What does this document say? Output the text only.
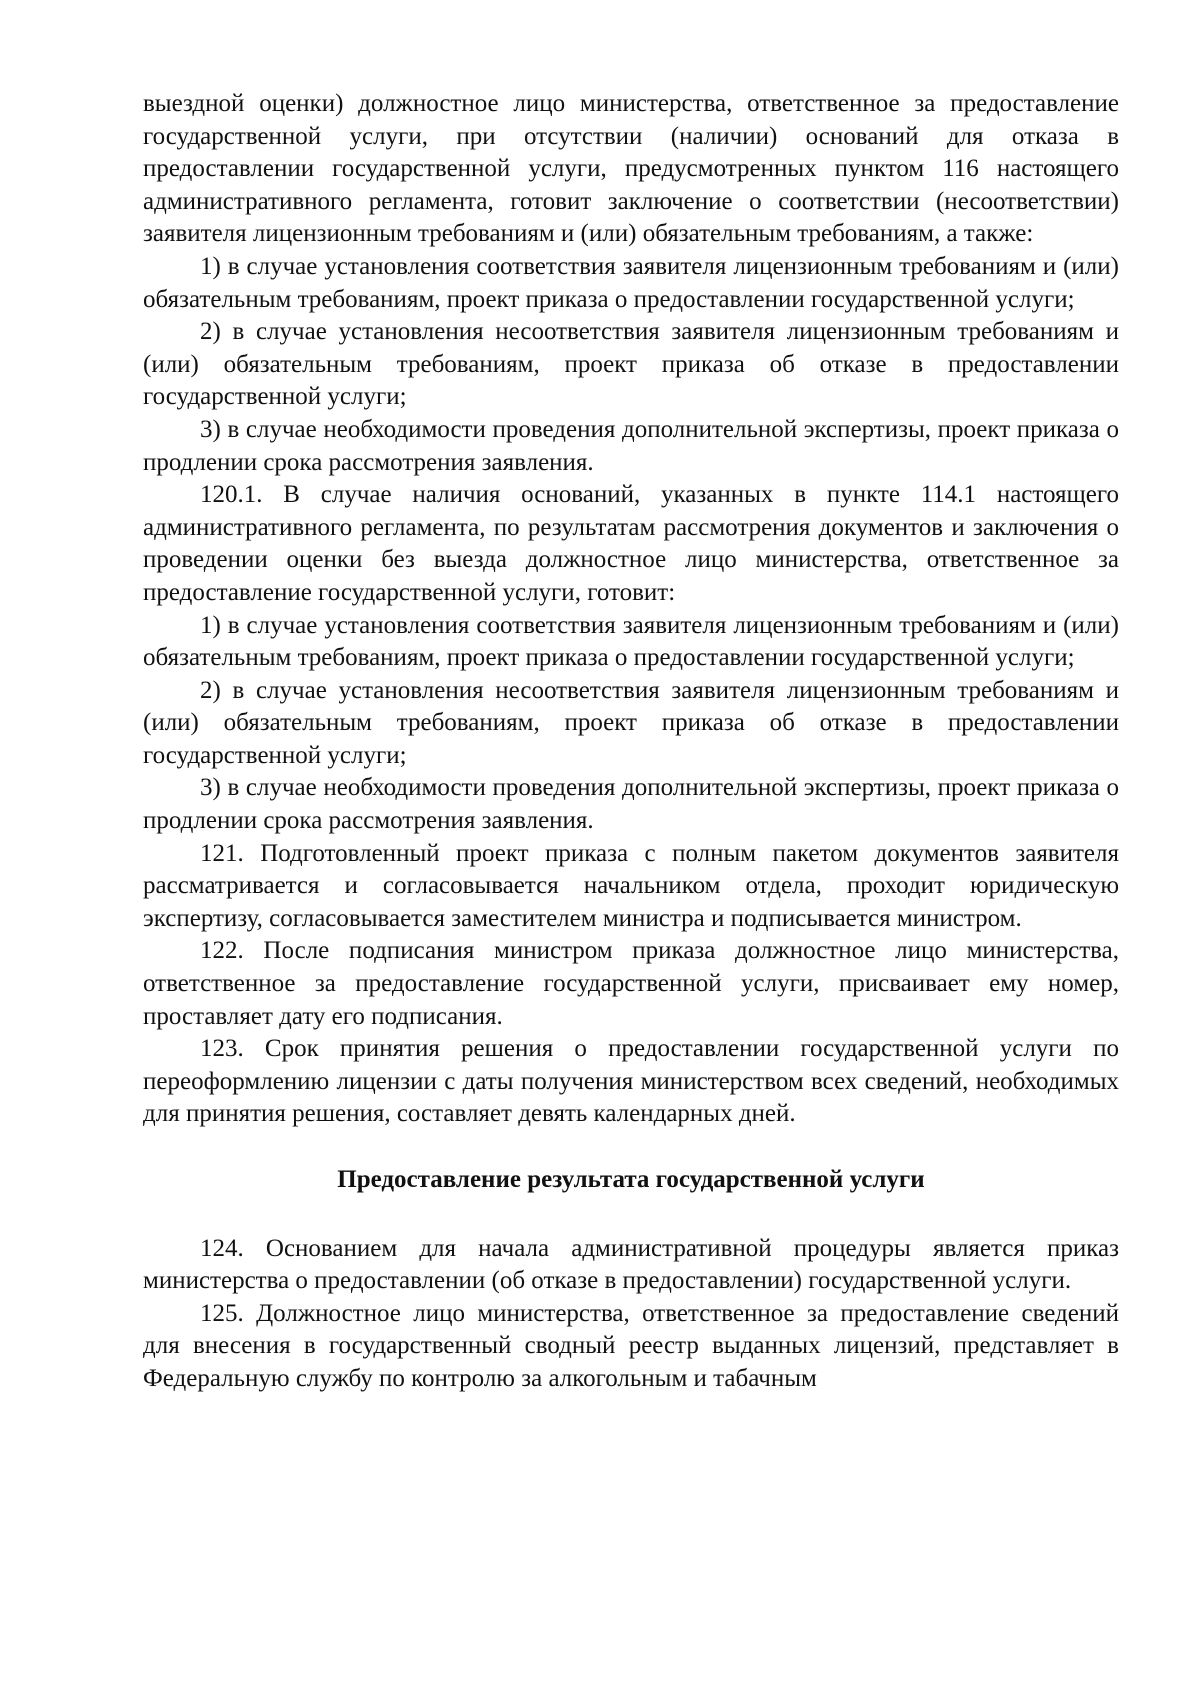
выездной оценки) должностное лицо министерства, ответственное за предоставление государственной услуги, при отсутствии (наличии) оснований для отказа в предоставлении государственной услуги, предусмотренных пунктом 116 настоящего административного регламента, готовит заключение о соответствии (несоответствии) заявителя лицензионным требованиям и (или) обязательным требованиям, а также:

1) в случае установления соответствия заявителя лицензионным требованиям и (или) обязательным требованиям, проект приказа о предоставлении государственной услуги;

2) в случае установления несоответствия заявителя лицензионным требованиям и (или) обязательным требованиям, проект приказа об отказе в предоставлении государственной услуги;

3) в случае необходимости проведения дополнительной экспертизы, проект приказа о продлении срока рассмотрения заявления.

120.1. В случае наличия оснований, указанных в пункте 114.1 настоящего административного регламента, по результатам рассмотрения документов и заключения о проведении оценки без выезда должностное лицо министерства, ответственное за предоставление государственной услуги, готовит:

1) в случае установления соответствия заявителя лицензионным требованиям и (или) обязательным требованиям, проект приказа о предоставлении государственной услуги;

2) в случае установления несоответствия заявителя лицензионным требованиям и (или) обязательным требованиям, проект приказа об отказе в предоставлении государственной услуги;

3) в случае необходимости проведения дополнительной экспертизы, проект приказа о продлении срока рассмотрения заявления.

121. Подготовленный проект приказа с полным пакетом документов заявителя рассматривается и согласовывается начальником отдела, проходит юридическую экспертизу, согласовывается заместителем министра и подписывается министром.

122. После подписания министром приказа должностное лицо министерства, ответственное за предоставление государственной услуги, присваивает ему номер, проставляет дату его подписания.

123. Срок принятия решения о предоставлении государственной услуги по переоформлению лицензии с даты получения министерством всех сведений, необходимых для принятия решения, составляет девять календарных дней.

Предоставление результата государственной услуги

124. Основанием для начала административной процедуры является приказ министерства о предоставлении (об отказе в предоставлении) государственной услуги.

125. Должностное лицо министерства, ответственное за предоставление сведений для внесения в государственный сводный реестр выданных лицензий, представляет в Федеральную службу по контролю за алкогольным и табачным
